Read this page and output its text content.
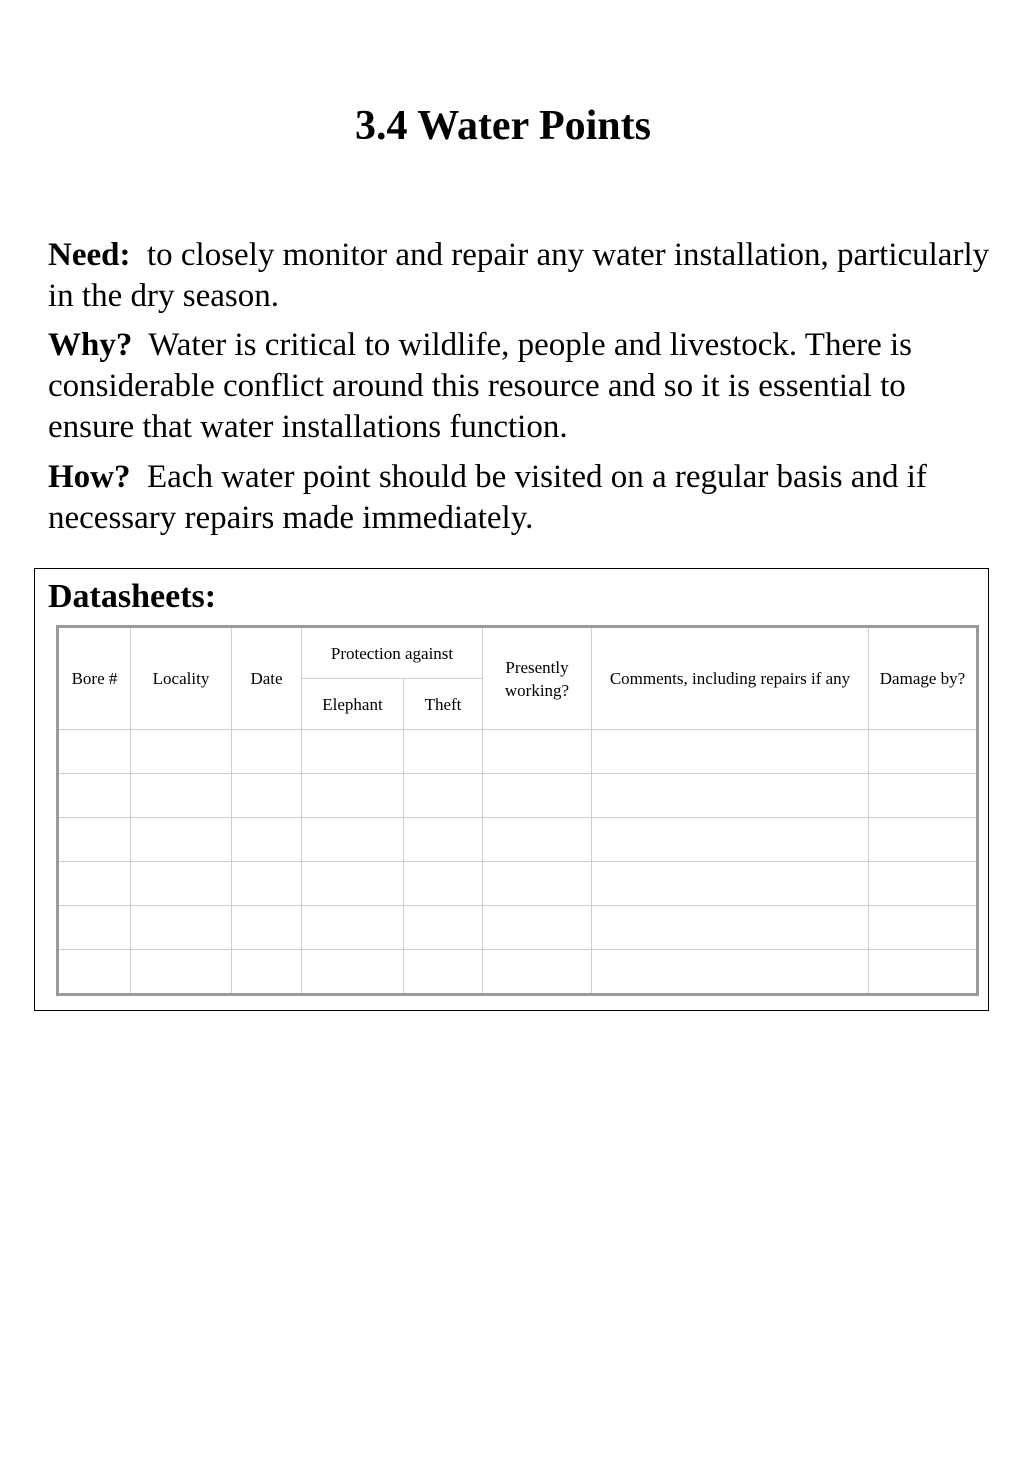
3.4 Water Points

Need: to closely monitor and repair any water installation, particularly in the dry season.

Why? Water is critical to wildlife, people and livestock. There is considerable conflict around this resource and so it is essential to ensure that water installations function.

How? Each water point should be visited on a regular basis and if necessary repairs made immediately.

Datasheets:
Bore #	Locality	Date	Protection against		Presently working?	Comments, including repairs if any	Damage by?
			Elephant	Theft			
